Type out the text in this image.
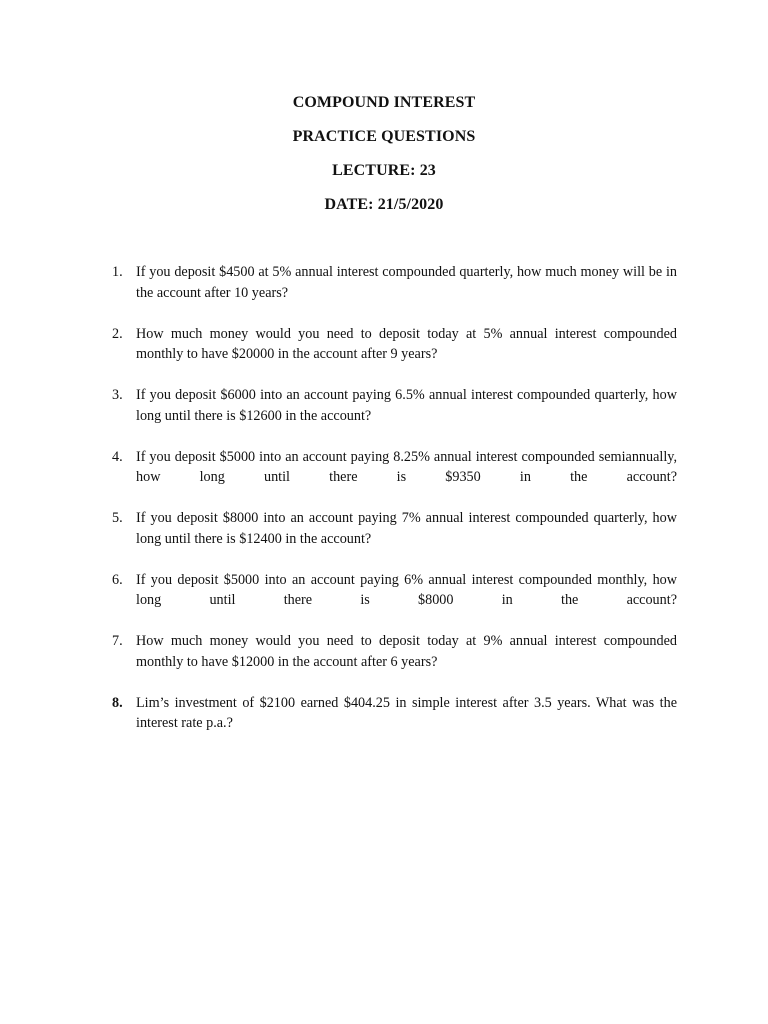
COMPOUND INTEREST
PRACTICE QUESTIONS
LECTURE: 23
DATE: 21/5/2020
1. If you deposit $4500 at 5% annual interest compounded quarterly, how much money will be in the account after 10 years?
2. How much money would you need to deposit today at 5% annual interest compounded monthly to have $20000 in the account after 9 years?
3. If you deposit $6000 into an account paying 6.5% annual interest compounded quarterly, how long until there is $12600 in the account?
4. If you deposit $5000 into an account paying 8.25% annual interest compounded semiannually, how long until there is $9350 in the account?
5. If you deposit $8000 into an account paying 7% annual interest compounded quarterly, how long until there is $12400 in the account?
6. If you deposit $5000 into an account paying 6% annual interest compounded monthly, how long until there is $8000 in the account?
7. How much money would you need to deposit today at 9% annual interest compounded monthly to have $12000 in the account after 6 years?
8. Lim’s investment of $2100 earned $404.25 in simple interest after 3.5 years. What was the interest rate p.a.?
